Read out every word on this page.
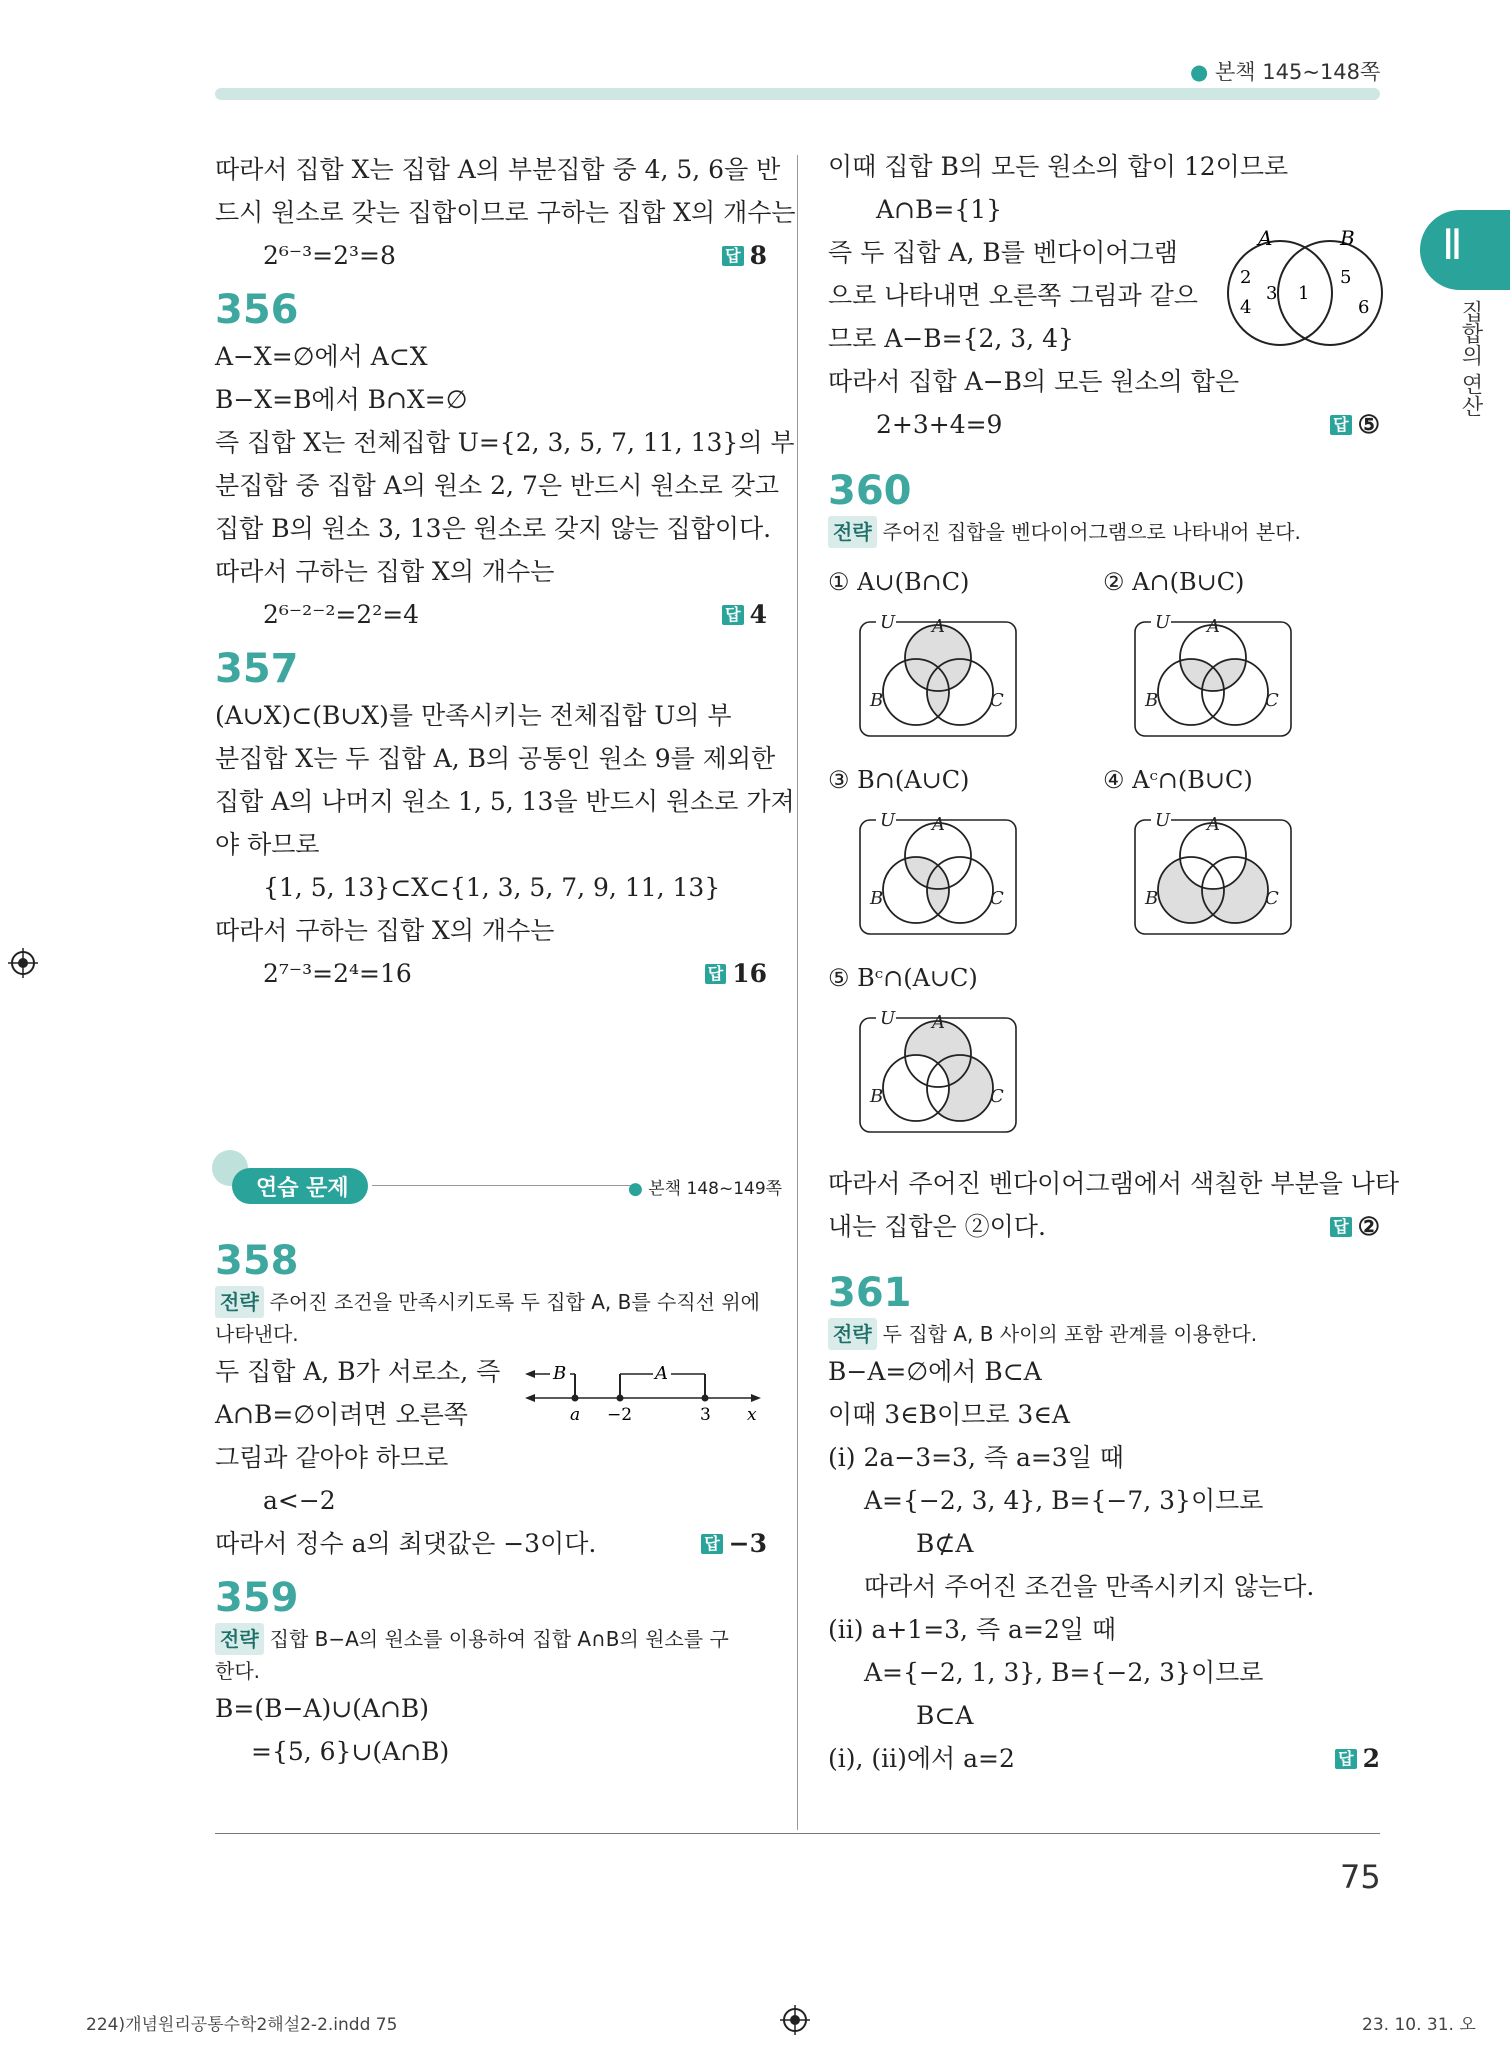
● 본책 145~148쪽
Ⅱ
집합의 연산
따라서 집합 X는 집합 A의 부분집합 중 4, 5, 6을 반
드시 원소로 갖는 집합이므로 구하는 집합 X의 개수는
2⁶⁻³=2³=8	답 8
356
A−X=∅에서 A⊂X
B−X=B에서 B∩X=∅
즉 집합 X는 전체집합 U={2, 3, 5, 7, 11, 13}의 부
분집합 중 집합 A의 원소 2, 7은 반드시 원소로 갖고
집합 B의 원소 3, 13은 원소로 갖지 않는 집합이다.
따라서 구하는 집합 X의 개수는
2⁶⁻²⁻²=2²=4	답 4
357
(A∪X)⊂(B∪X)를 만족시키는 전체집합 U의 부
분집합 X는 두 집합 A, B의 공통인 원소 9를 제외한
집합 A의 나머지 원소 1, 5, 13을 반드시 원소로 가져
야 하므로
{1, 5, 13}⊂X⊂{1, 3, 5, 7, 9, 11, 13}
따라서 구하는 집합 X의 개수는
2⁷⁻³=2⁴=16	답 16
연습 문제	● 본책 148~149쪽
358
전략 주어진 조건을 만족시키도록 두 집합 A, B를 수직선 위에
나타낸다.
두 집합 A, B가 서로소, 즉
A∩B=∅이려면 오른쪽
그림과 같아야 하므로
B	A
a −2	3 x
a<−2
따라서 정수 a의 최댓값은 −3이다.	답 −3
359
전략 집합 B−A의 원소를 이용하여 집합 A∩B의 원소를 구
한다.
B=(B−A)∪(A∩B)
={5, 6}∪(A∩B)
이때 집합 B의 모든 원소의 합이 12이므로
A∩B={1}
즉 두 집합 A, B를 벤다이어그램
으로 나타내면 오른쪽 그림과 같으
므로 A−B={2, 3, 4}
A	B
2
4
3 1
5
6
따라서 집합 A−B의 모든 원소의 합은
2+3+4=9	답 ⑤
360
전략 주어진 집합을 벤다이어그램으로 나타내어 본다.
① A∪(B∩C)	② A∩(B∪C)
③ B∩(A∪C)	④ Aᶜ∩(B∪C)
⑤ Bᶜ∩(A∪C)
U A
B	C
U A
B	C
U A
B	C
U A
B	C
U A
B	C
따라서 주어진 벤다이어그램에서 색칠한 부분을 나타
내는 집합은 ②이다.	답 ②
361
전략 두 집합 A, B 사이의 포함 관계를 이용한다.
B−A=∅에서 B⊂A
이때 3∈B이므로 3∈A
(i) 2a−3=3, 즉 a=3일 때
A={−2, 3, 4}, B={−7, 3}이므로
B⊄A
따라서 주어진 조건을 만족시키지 않는다.
(ii) a+1=3, 즉 a=2일 때
A={−2, 1, 3}, B={−2, 3}이므로
B⊂A
(i), (ii)에서 a=2	답 2
75
224)개념원리공통수학2해설2-2.indd 75	23. 10. 31. 오
